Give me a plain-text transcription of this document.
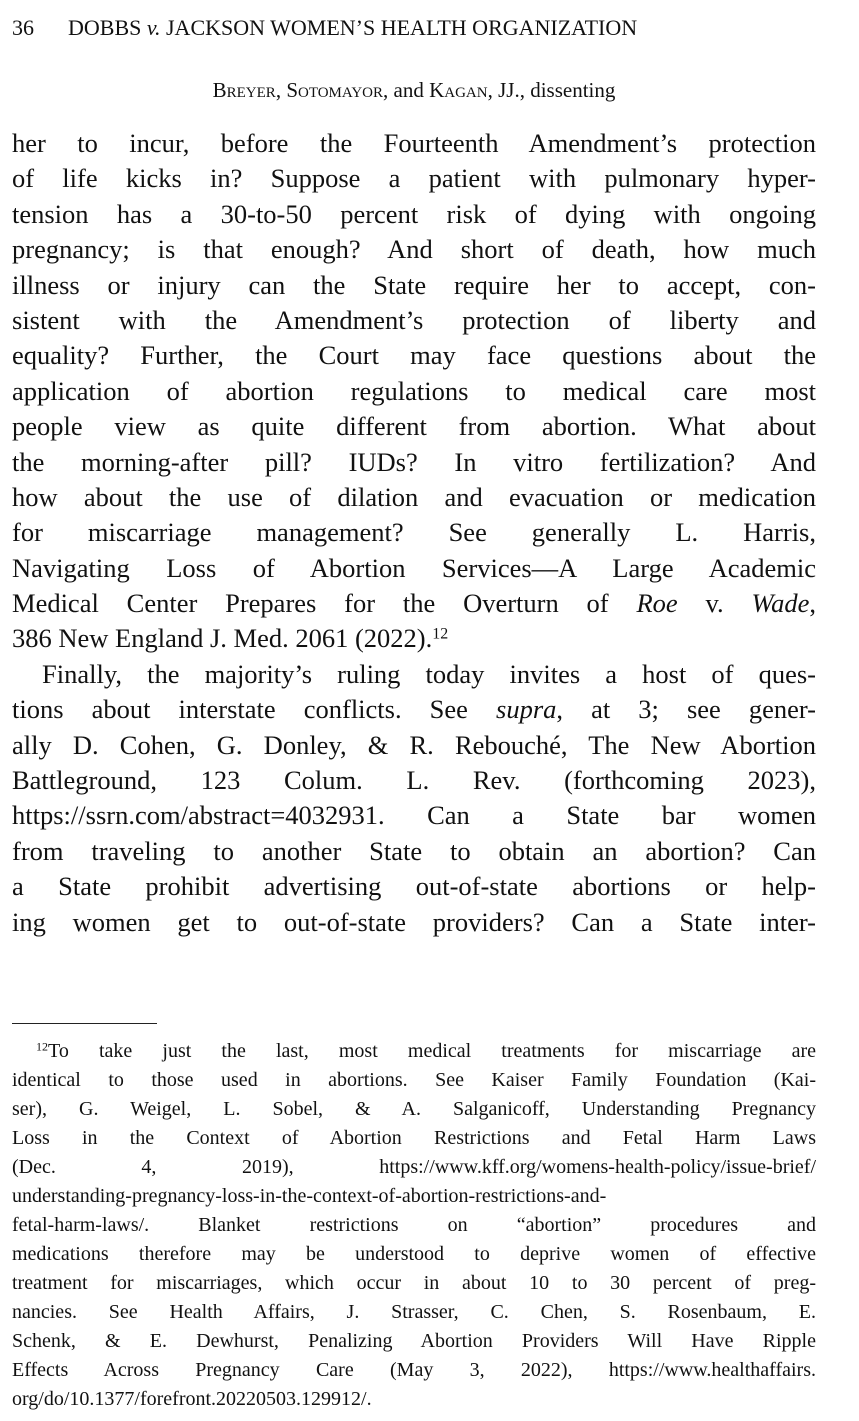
36 DOBBS v. JACKSON WOMEN’S HEALTH ORGANIZATION
Breyer, Sotomayor, and Kagan, JJ., dissenting
her to incur, before the Fourteenth Amendment’s protection
of life kicks in? Suppose a patient with pulmonary hyper-
tension has a 30-to-50 percent risk of dying with ongoing
pregnancy; is that enough? And short of death, how much
illness or injury can the State require her to accept, con-
sistent with the Amendment’s protection of liberty and
equality? Further, the Court may face questions about the
application of abortion regulations to medical care most
people view as quite different from abortion. What about
the morning-after pill? IUDs? In vitro fertilization? And
how about the use of dilation and evacuation or medication
for miscarriage management? See generally L. Harris,
Navigating Loss of Abortion Services—A Large Academic
Medical Center Prepares for the Overturn of Roe v. Wade,
386 New England J. Med. 2061 (2022).$^{12}$
Finally, the majority’s ruling today invites a host of ques-
tions about interstate conflicts. See supra, at 3; see gener-
ally D. Cohen, G. Donley, & R. Rebouché, The New Abortion
Battleground, 123 Colum. L. Rev. (forthcoming 2023),
https://ssrn.com/abstract=4032931. Can a State bar women
from traveling to another State to obtain an abortion? Can
a State prohibit advertising out-of-state abortions or help-
ing women get to out-of-state providers? Can a State inter-
$^{12}$To take just the last, most medical treatments for miscarriage are
identical to those used in abortions. See Kaiser Family Foundation (Kai-
ser), G. Weigel, L. Sobel, & A. Salganicoff, Understanding Pregnancy
Loss in the Context of Abortion Restrictions and Fetal Harm Laws
(Dec. 4, 2019), https://www.kff.org/womens-health-policy/issue-brief/
understanding-pregnancy-loss-in-the-context-of-abortion-restrictions-and-
fetal-harm-laws/. Blanket restrictions on “abortion” procedures and
medications therefore may be understood to deprive women of effective
treatment for miscarriages, which occur in about 10 to 30 percent of preg-
nancies. See Health Affairs, J. Strasser, C. Chen, S. Rosenbaum, E.
Schenk, & E. Dewhurst, Penalizing Abortion Providers Will Have Ripple
Effects Across Pregnancy Care (May 3, 2022), https://www.healthaffairs.
org/do/10.1377/forefront.20220503.129912/.
